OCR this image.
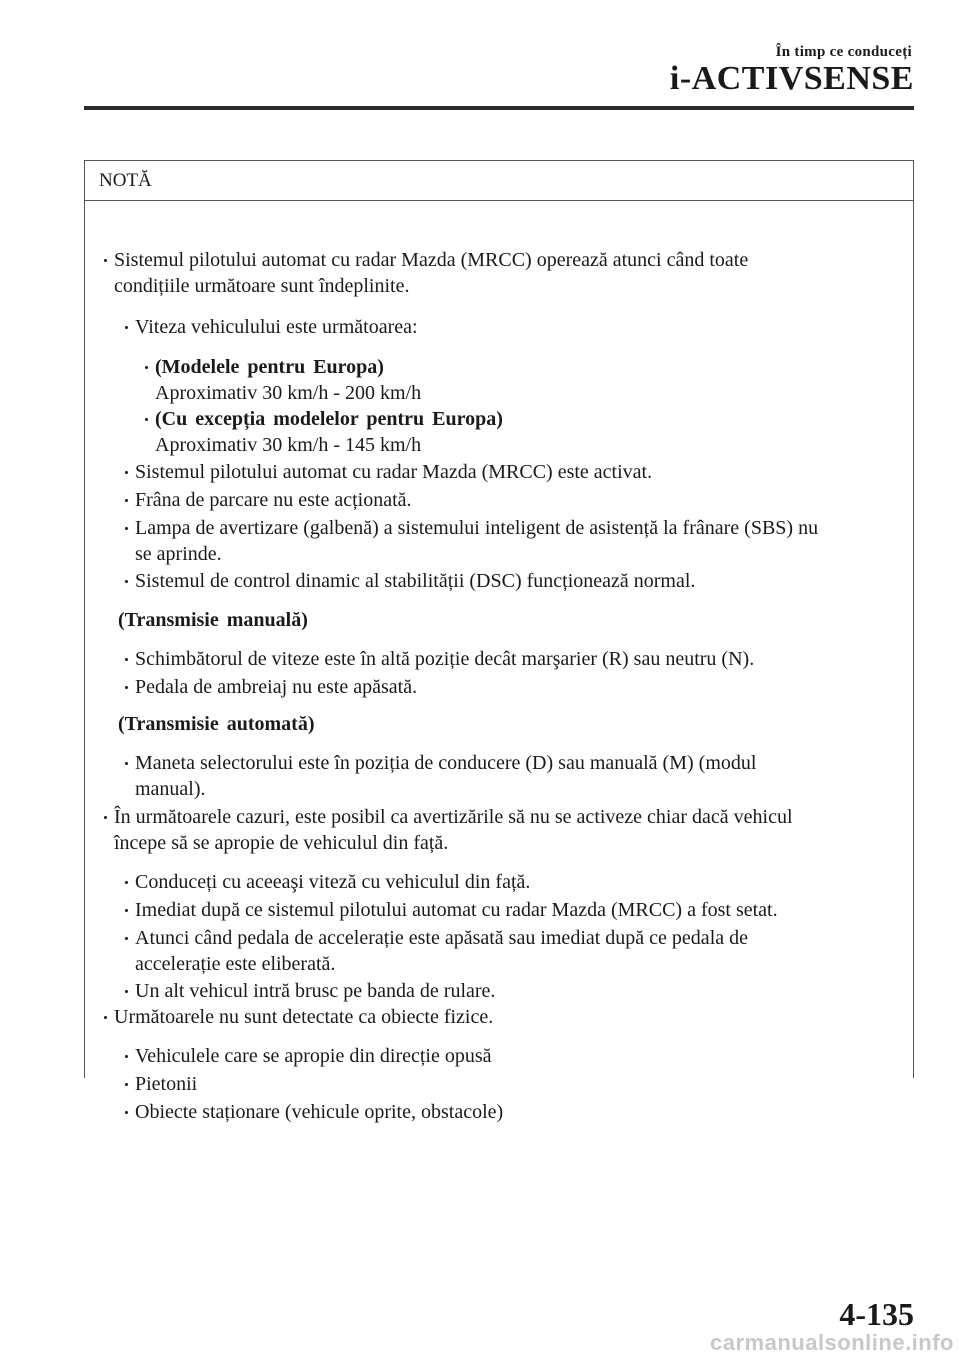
În timp ce conduceți
i-ACTIVSENSE
NOTĂ
Sistemul pilotului automat cu radar Mazda (MRCC) operează atunci când toate
condițiile următoare sunt îndeplinite.
Viteza vehiculului este următoarea:
(Modelele pentru Europa)
Aproximativ 30 km/h - 200 km/h
(Cu excepția modelelor pentru Europa)
Aproximativ 30 km/h - 145 km/h
Sistemul pilotului automat cu radar Mazda (MRCC) este activat.
Frâna de parcare nu este acționată.
Lampa de avertizare (galbenă) a sistemului inteligent de asistență la frânare (SBS) nu
se aprinde.
Sistemul de control dinamic al stabilității (DSC) funcționează normal.
(Transmisie manuală)
Schimbătorul de viteze este în altă poziție decât marşarier (R) sau neutru (N).
Pedala de ambreiaj nu este apăsată.
(Transmisie automată)
Maneta selectorului este în poziția de conducere (D) sau manuală (M) (modul
manual).
În următoarele cazuri, este posibil ca avertizările să nu se activeze chiar dacă vehicul
începe să se apropie de vehiculul din față.
Conduceți cu aceeaşi viteză cu vehiculul din față.
Imediat după ce sistemul pilotului automat cu radar Mazda (MRCC) a fost setat.
Atunci când pedala de accelerație este apăsată sau imediat după ce pedala de
accelerație este eliberată.
Un alt vehicul intră brusc pe banda de rulare.
Următoarele nu sunt detectate ca obiecte fizice.
Vehiculele care se apropie din direcție opusă
Pietonii
Obiecte staționare (vehicule oprite, obstacole)
4-135
carmanualsonline.info
